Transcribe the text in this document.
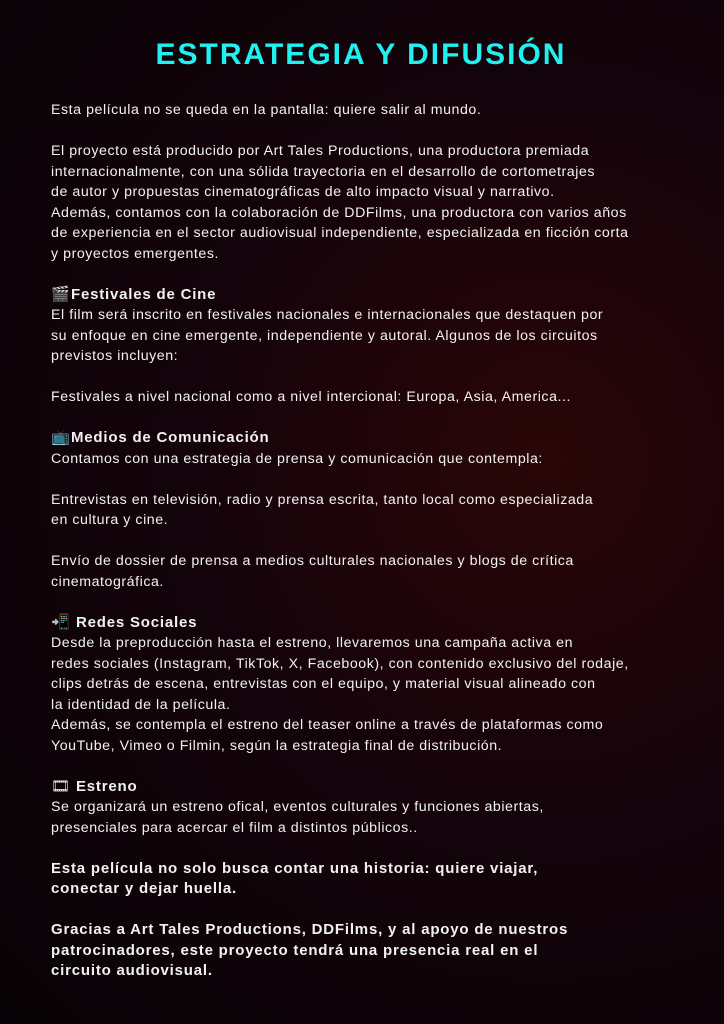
ESTRATEGIA Y DIFUSIÓN
Esta película no se queda en la pantalla: quiere salir al mundo.
El proyecto está producido por Art Tales Productions, una productora premiada
internacionalmente, con una sólida trayectoria en el desarrollo de cortometrajes
de autor y propuestas cinematográficas de alto impacto visual y narrativo.
Además, contamos con la colaboración de DDFilms, una productora con varios años
de experiencia en el sector audiovisual independiente, especializada en ficción corta
y proyectos emergentes.
🎬Festivales de Cine
El film será inscrito en festivales nacionales e internacionales que destaquen por
su enfoque en cine emergente, independiente y autoral. Algunos de los circuitos
previstos incluyen:
Festivales a nivel nacional como a nivel intercional: Europa, Asia, America...
📺Medios de Comunicación
Contamos con una estrategia de prensa y comunicación que contempla:
Entrevistas en televisión, radio y prensa escrita, tanto local como especializada
en cultura y cine.
Envío de dossier de prensa a medios culturales nacionales y blogs de crítica
cinematográfica.
📲 Redes Sociales
Desde la preproducción hasta el estreno, llevaremos una campaña activa en
redes sociales (Instagram, TikTok, X, Facebook), con contenido exclusivo del rodaje,
clips detrás de escena, entrevistas con el equipo, y material visual alineado con
la identidad de la película.
Además, se contempla el estreno del teaser online a través de plataformas como
YouTube, Vimeo o Filmin, según la estrategia final de distribución.
🎞 Estreno
Se organizará un estreno ofical, eventos culturales y funciones abiertas,
presenciales para acercar el film a distintos públicos..
Esta película no solo busca contar una historia: quiere viajar,
conectar y dejar huella.
Gracias a Art Tales Productions, DDFilms, y al apoyo de nuestros
patrocinadores, este proyecto tendrá una presencia real en el
circuito audiovisual.
